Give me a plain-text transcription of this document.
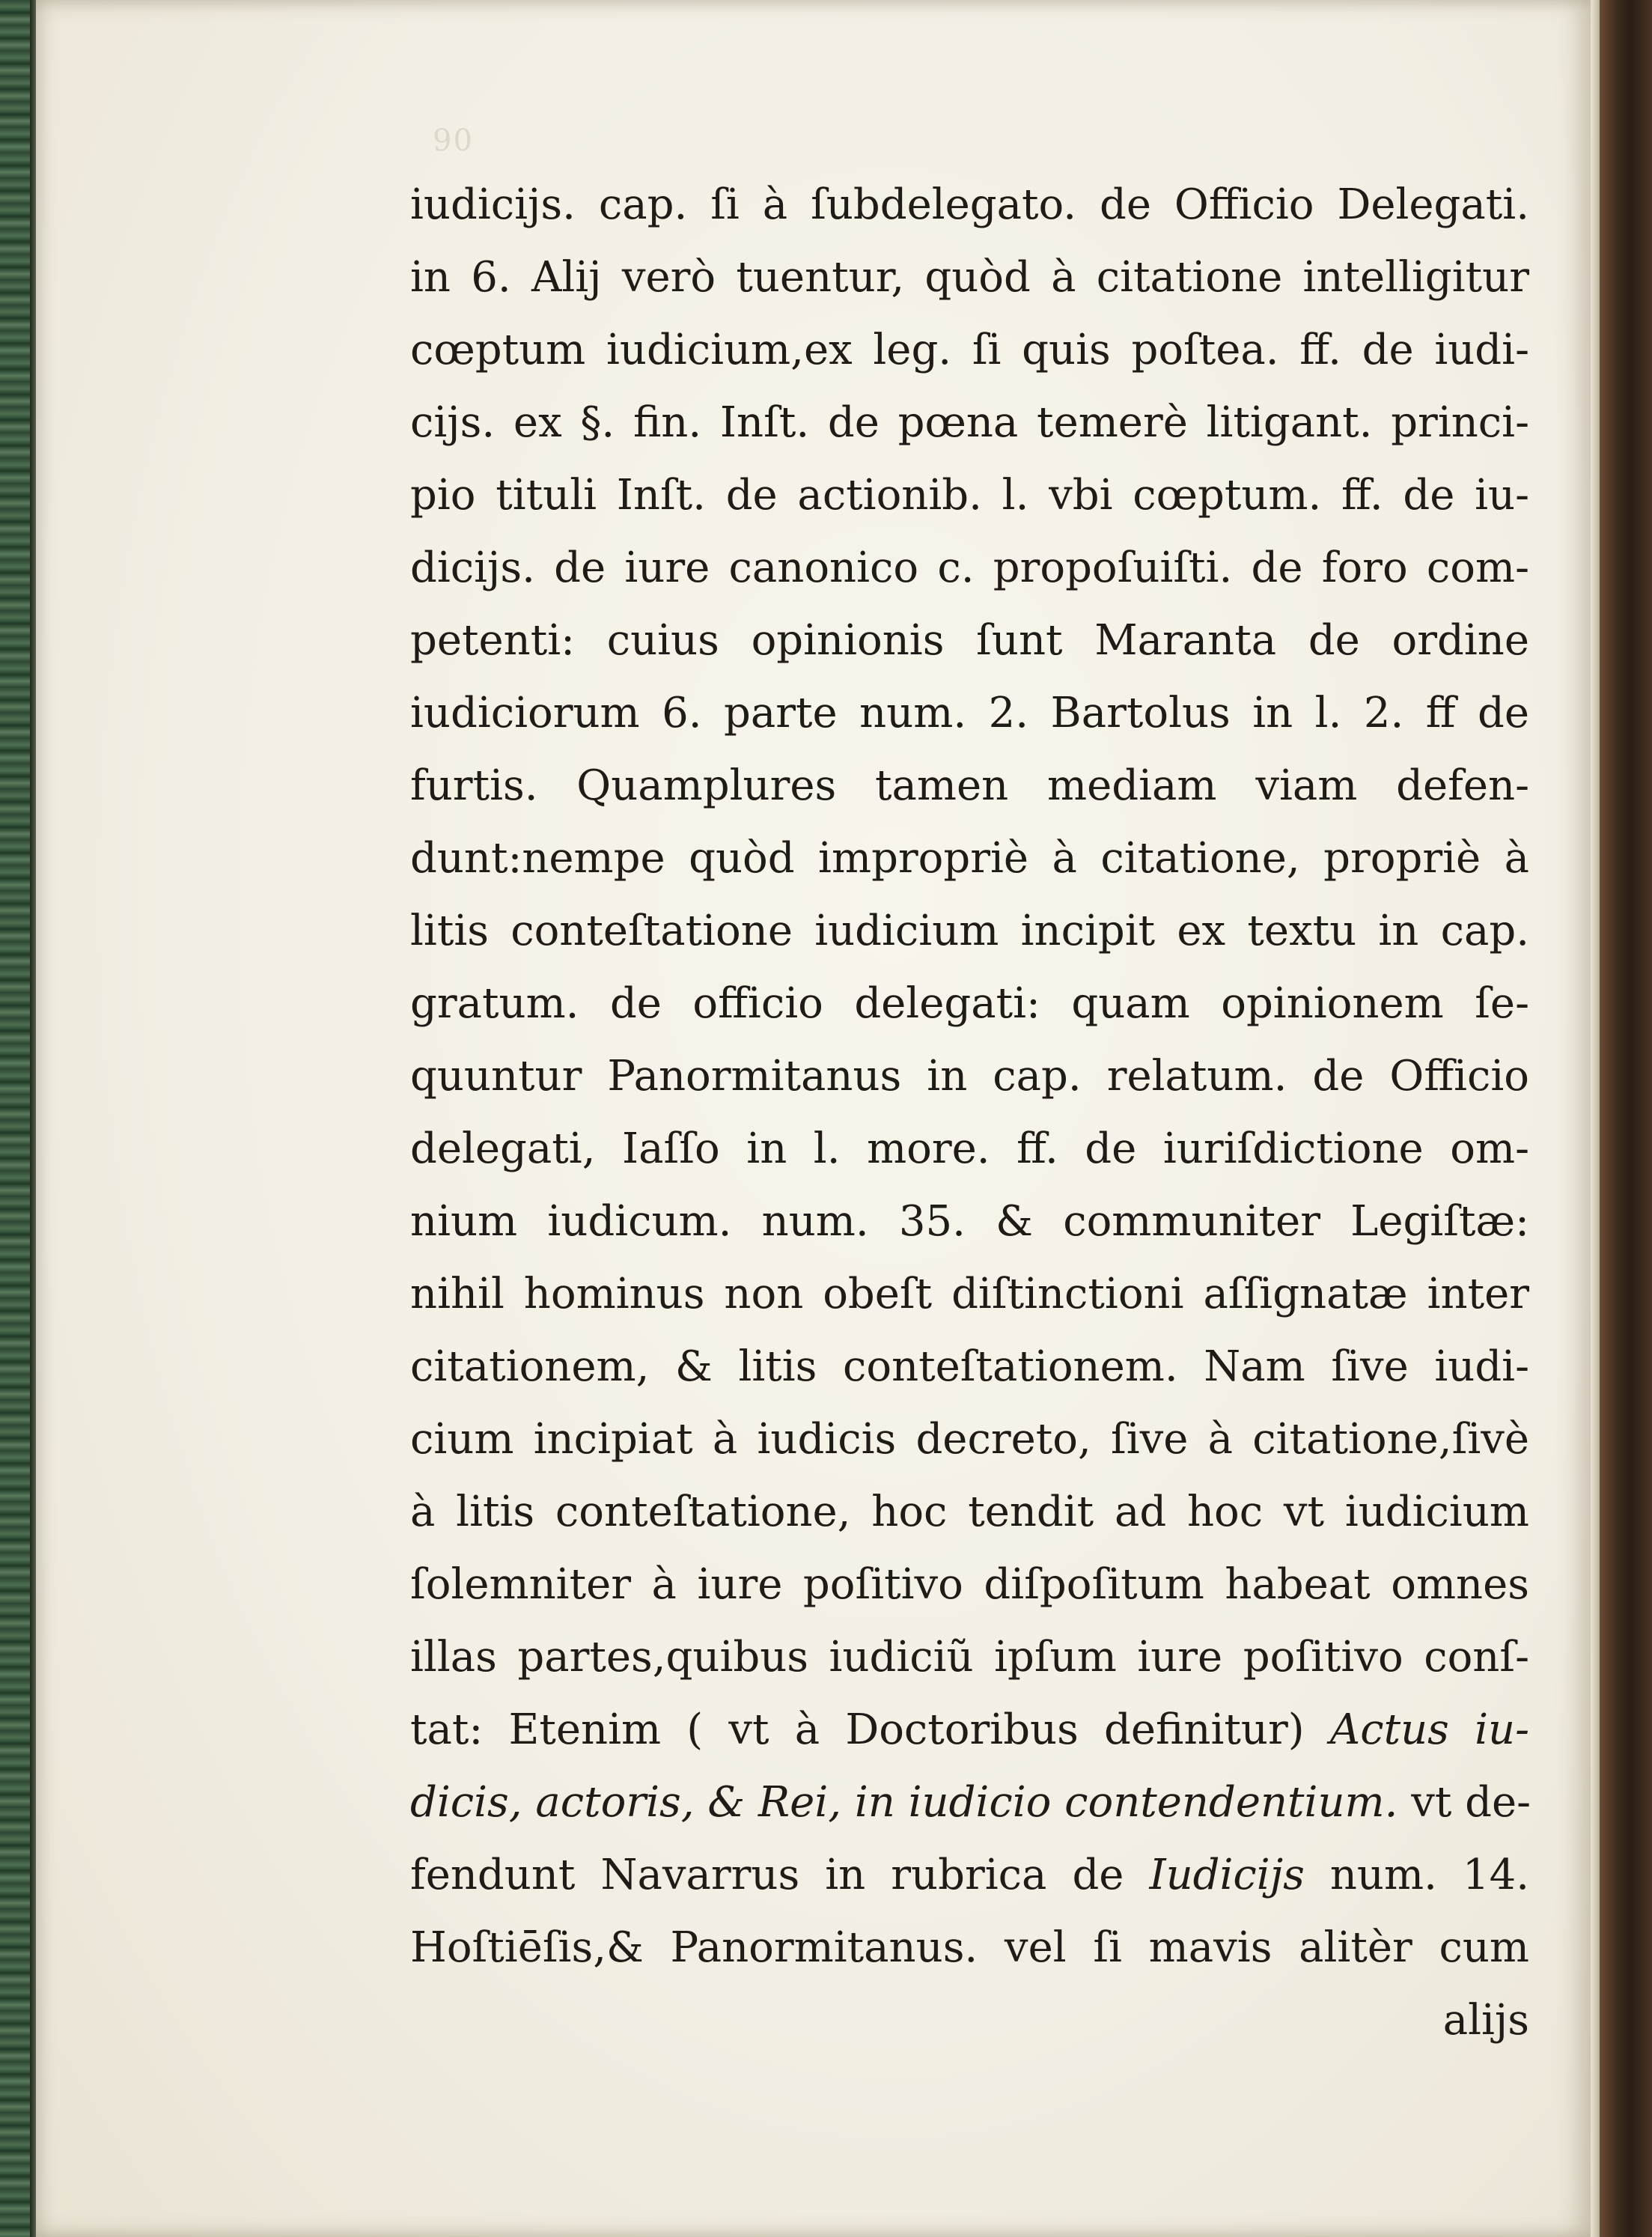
90
iudicijs. cap. ſi à ſubdelegato. de Officio Delegati.
in 6. Alij verò tuentur, quòd à citatione intelligitur
cœptum iudicium,ex leg. ſi quis poſtea. ff. de iudi-
cijs. ex §. fin. Inſt. de pœna temerè litigant. princi-
pio tituli Inſt. de actionib. l. vbi cœptum. ff. de iu-
dicijs. de iure canonico c. propoſuiſti. de foro com-
petenti: cuius opinionis ſunt Maranta de ordine
iudiciorum 6. parte num. 2. Bartolus in l. 2. ff de
furtis. Quamplures tamen mediam viam defen-
dunt:nempe quòd impropriè à citatione, propriè à
litis conteſtatione iudicium incipit ex textu in cap.
gratum. de officio delegati: quam opinionem ſe-
quuntur Panormitanus in cap. relatum. de Officio
delegati, Iaſſo in l. more. ff. de iuriſdictione om-
nium iudicum. num. 35. & communiter Legiſtæ:
nihil hominus non obeſt diſtinctioni aſſignatæ inter
citationem, & litis conteſtationem. Nam ſive iudi-
cium incipiat à iudicis decreto, ſive à citatione,ſivè
à litis conteſtatione, hoc tendit ad hoc vt iudicium
ſolemniter à iure poſitivo diſpoſitum habeat omnes
illas partes,quibus iudiciũ ipſum iure poſitivo conſ-
tat: Etenim ( vt à Doctoribus definitur) Actus iu-
dicis, actoris, & Rei, in iudicio contendentium. vt de-
fendunt Navarrus in rubrica de Iudicijs num. 14.
Hoſtiēſis,& Panormitanus. vel ſi mavis alitèr cum
alijs
